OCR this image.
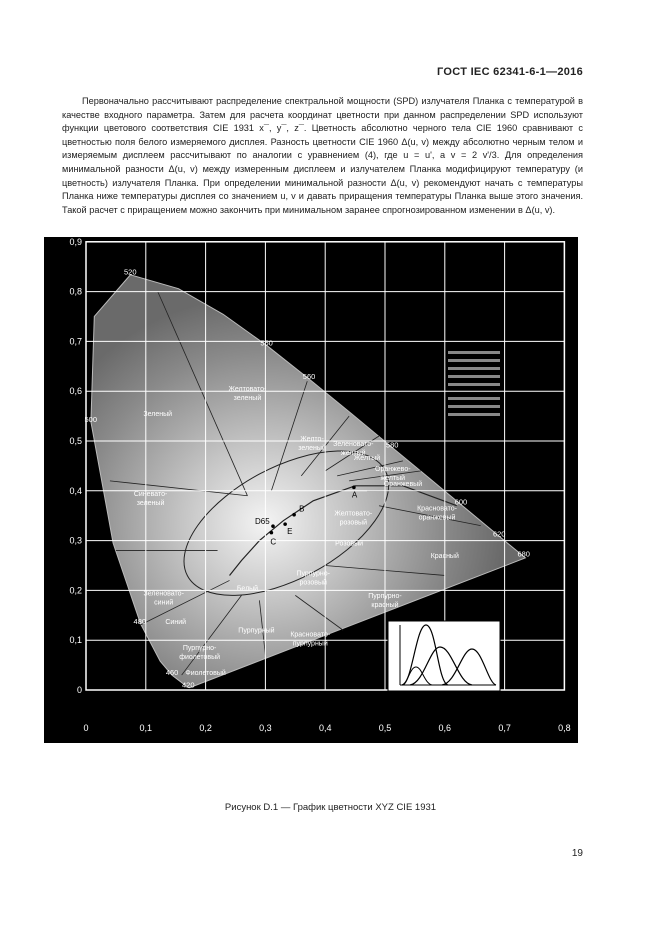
ГОСТ IEC 62341-6-1—2016

Первоначально рассчитывают распределение спектральной мощности (SPD) излучателя Планка с температурой в качестве входного параметра. Затем для расчета координат цветности при данном распределении SPD используют функции цветового соответствия CIE 1931 x¯, y¯, z¯. Цветность абсолютно черного тела CIE 1960 сравнивают с цветностью поля белого измеряемого дисплея. Разность цветности CIE 1960 Δ(u, v) между абсолютно черным телом и измеряемым дисплеем рассчитывают по аналогии с уравнением (4), где u = u', а v = 2 v'/3. Для определения минимальной разности Δ(u, v) между измеренным дисплеем и излучателем Планка модифицируют температуру (и цветность) излучателя Планка. При определении минимальной разности Δ(u, v) рекомендуют начать с температуры Планка ниже температуры дисплея со значением u, v и давать приращения температуры Планка выше этого значения. Такой расчет с приращением можно закончить при минимальном заранее спрогнозированном изменении в Δ(u, v).

520
550
560
500
580
600
620
680
480
460
420
Зеленый
Желтовато-зеленый
Желто-зеленый
Зеленовато-желтый
Желтый
Оранжево-желтый
Оранжевый
Желтовато-розовый
Красновато-оранжевый
Синевато-зеленый
Розовый
Красный
Зеленовато-синий
Белый
Пурпурно-розовый
Пурпурно-красный
Синий
Пурпурный
Красновато-пурпурный
Пурпурно-фиолетовый
Фиолетовый
D65
B
E
C
A
0
0,1
0,2
0,3
0,4
0,5
0,6
0,7
0,8
0,9
0	0,1	0,2	0,3	0,4	0,5	0,6	0,7	0,8
Рисунок D.1 — График цветности XYZ CIE 1931
19
